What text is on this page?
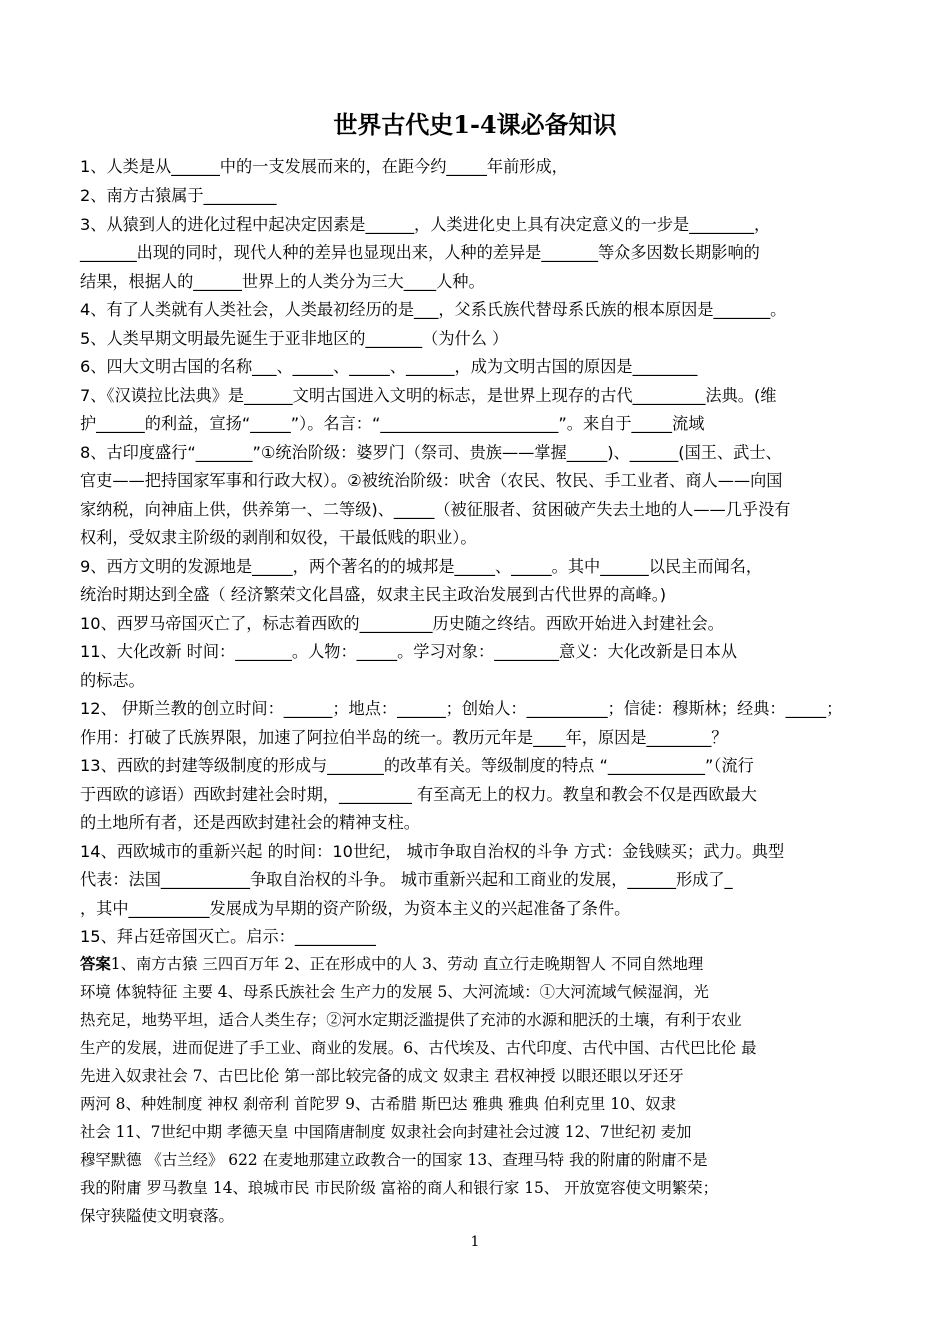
世界古代史1-4课必备知识
1、人类是从______中的一支发展而来的，在距今约_____年前形成，
2、南方古猿属于_________
3、从猿到人的进化过程中起决定因素是______，人类进化史上具有决定意义的一步是________，
_______出现的同时，现代人种的差异也显现出来，人种的差异是_______等众多因数长期影响的
结果，根据人的______世界上的人类分为三大____人种。
4、有了人类就有人类社会，人类最初经历的是___，父系氏族代替母系氏族的根本原因是_______。
5、人类早期文明最先诞生于亚非地区的_______（为什么 ）
6、四大文明古国的名称___、_____、_____、______，成为文明古国的原因是________
7、《汉谟拉比法典》是______文明古国进入文明的标志，是世界上现存的古代_________法典。(维
护______的利益，宣扬“_____”）。名言：“______________________”。来自于_____流域
8、古印度盛行“_______”①统治阶级：婆罗门（祭司、贵族——掌握_____)、______(国王、武士、
官吏——把持国家军事和行政大权）。②被统治阶级：吠舍（农民、牧民、手工业者、商人——向国
家纳税，向神庙上供，供养第一、二等级)、_____（被征服者、贫困破产失去土地的人——几乎没有
权利，受奴隶主阶级的剥削和奴役，干最低贱的职业）。
9、西方文明的发源地是_____，两个著名的的城邦是_____、_____。其中______以民主而闻名，
统治时期达到全盛（ 经济繁荣文化昌盛，奴隶主民主政治发展到古代世界的高峰。)
10、西罗马帝国灭亡了，标志着西欧的_________历史随之终结。西欧开始进入封建社会。
11、大化改新 时间：_______。人物：_____。学习对象：________意义：大化改新是日本从
的标志。
12、 伊斯兰教的创立时间：______；地点：______；创始人：__________；信徒：穆斯林；经典：_____；
作用：打破了氏族界限，加速了阿拉伯半岛的统一。教历元年是____年，原因是________？
13、西欧的封建等级制度的形成与_______的改革有关。等级制度的特点 “____________”（流行
于西欧的谚语）西欧封建社会时期，_________ 有至高无上的权力。教皇和教会不仅是西欧最大
的土地所有者，还是西欧封建社会的精神支柱。
14、西欧城市的重新兴起 的时间：10世纪， 城市争取自治权的斗争 方式：金钱赎买；武力。典型
代表：法国___________争取自治权的斗争。 城市重新兴起和工商业的发展，______形成了_
，其中__________发展成为早期的资产阶级，为资本主义的兴起准备了条件。
15、拜占廷帝国灭亡。启示：__________
答案1、南方古猿 三四百万年 2、正在形成中的人 3、劳动 直立行走晚期智人 不同自然地理
环境 体貌特征 主要 4、母系氏族社会 生产力的发展 5、大河流域：①大河流域气候湿润，光
热充足，地势平坦，适合人类生存；②河水定期泛滥提供了充沛的水源和肥沃的土壤，有利于农业
生产的发展，进而促进了手工业、商业的发展。6、古代埃及、古代印度、古代中国、古代巴比伦 最
先进入奴隶社会 7、古巴比伦 第一部比较完备的成文 奴隶主 君权神授 以眼还眼以牙还牙
两河 8、种姓制度 神权 刹帝利 首陀罗 9、古希腊 斯巴达 雅典 雅典 伯利克里 10、奴隶
社会 11、7世纪中期 孝德天皇 中国隋唐制度 奴隶社会向封建社会过渡 12、7世纪初 麦加
穆罕默德 《古兰经》 622 在麦地那建立政教合一的国家 13、查理马特 我的附庸的附庸不是
我的附庸 罗马教皇 14、琅城市民 市民阶级 富裕的商人和银行家 15、 开放宽容使文明繁荣；
保守狭隘使文明衰落。
1
